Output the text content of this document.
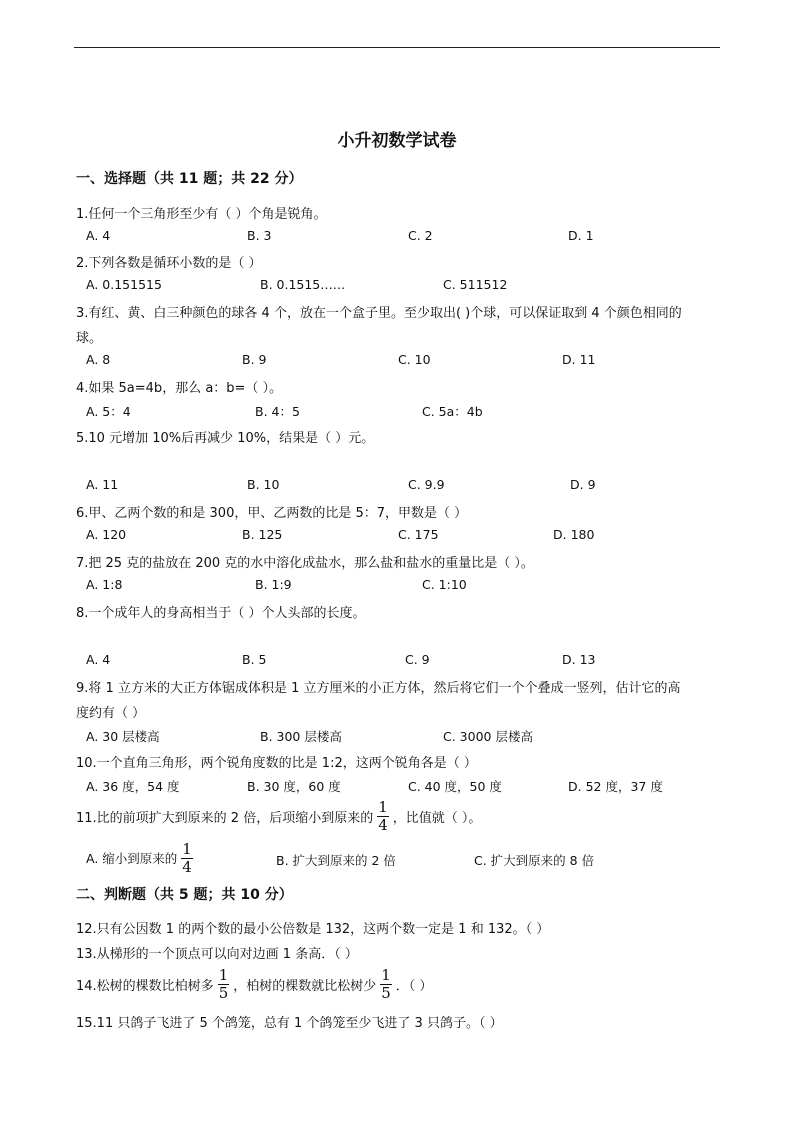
小升初数学试卷
一、选择题（共 11 题；共 22 分）
1.任何一个三角形至少有（ ）个角是锐角。
A. 4	B. 3	C. 2	D. 1
2.下列各数是循环小数的是（ ）
A. 0.151515	B. 0.1515……	C. 511512
3.有红、黄、白三种颜色的球各 4 个，放在一个盒子里。至少取出( )个球，可以保证取到 4 个颜色相同的
球。
A. 8	B. 9	C. 10	D. 11
4.如果 5a=4b，那么 a：b=（ ）。
A. 5：4	B. 4：5	C. 5a：4b
5.10 元增加 10%后再减少 10%，结果是（ ）元。
A. 11	B. 10	C. 9.9	D. 9
6.甲、乙两个数的和是 300，甲、乙两数的比是 5：7，甲数是（ ）
A. 120	B. 125	C. 175	D. 180
7.把 25 克的盐放在 200 克的水中溶化成盐水，那么盐和盐水的重量比是（ ）。
A. 1:8	B. 1:9	C. 1:10
8.一个成年人的身高相当于（ ）个人头部的长度。
A. 4	B. 5	C. 9	D. 13
9.将 1 立方米的大正方体锯成体积是 1 立方厘米的小正方体，然后将它们一个个叠成一竖列，估计它的高
度约有（ ）
A. 30 层楼高	B. 300 层楼高	C. 3000 层楼高
10.一个直角三角形，两个锐角度数的比是 1:2，这两个锐角各是（ ）
A. 36 度，54 度	B. 30 度，60 度	C. 40 度，50 度	D. 52 度，37 度
11.比的前项扩大到原来的 2 倍，后项缩小到原来的 $\frac{1}{4}$ ，比值就（ ）。
A. 缩小到原来的 $\frac{1}{4}$	B. 扩大到原来的 2 倍	C. 扩大到原来的 8 倍
二、判断题（共 5 题；共 10 分）
12.只有公因数 1 的两个数的最小公倍数是 132，这两个数一定是 1 和 132。（ ）
13.从梯形的一个顶点可以向对边画 1 条高．（ ）
14.松树的棵数比柏树多 $\frac{1}{5}$ ，柏树的棵数就比松树少 $\frac{1}{5}$ ．（ ）
15.11 只鸽子飞进了 5 个鸽笼，总有 1 个鸽笼至少飞进了 3 只鸽子。（ ）
